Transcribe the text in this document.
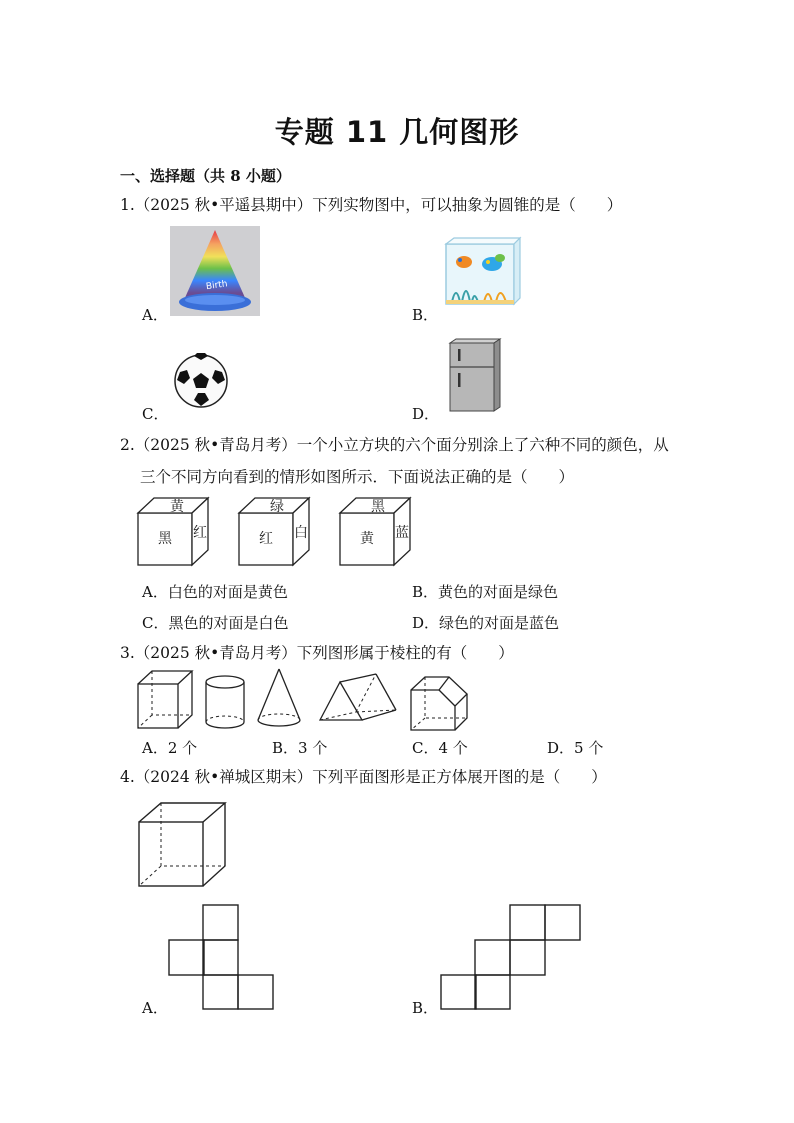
专题 11 几何图形
一、选择题（共 8 小题）
1.（2025 秋•平遥县期中）下列实物图中，可以抽象为圆锥的是（　　）
Birth
A．	B．
C．	D．
2.（2025 秋•青岛月考）一个小立方块的六个面分别涂上了六种不同的颜色，从
三个不同方向看到的情形如图所示．下面说法正确的是（　　）
黄
黑 红
绿
红 白
黑
黄 蓝
A．白色的对面是黄色	B．黄色的对面是绿色
C．黑色的对面是白色	D．绿色的对面是蓝色
3.（2025 秋•青岛月考）下列图形属于棱柱的有（　　）
A．2 个	B．3 个	C．4 个	D．5 个
4.（2024 秋•禅城区期末）下列平面图形是正方体展开图的是（　　）
A．	B．
